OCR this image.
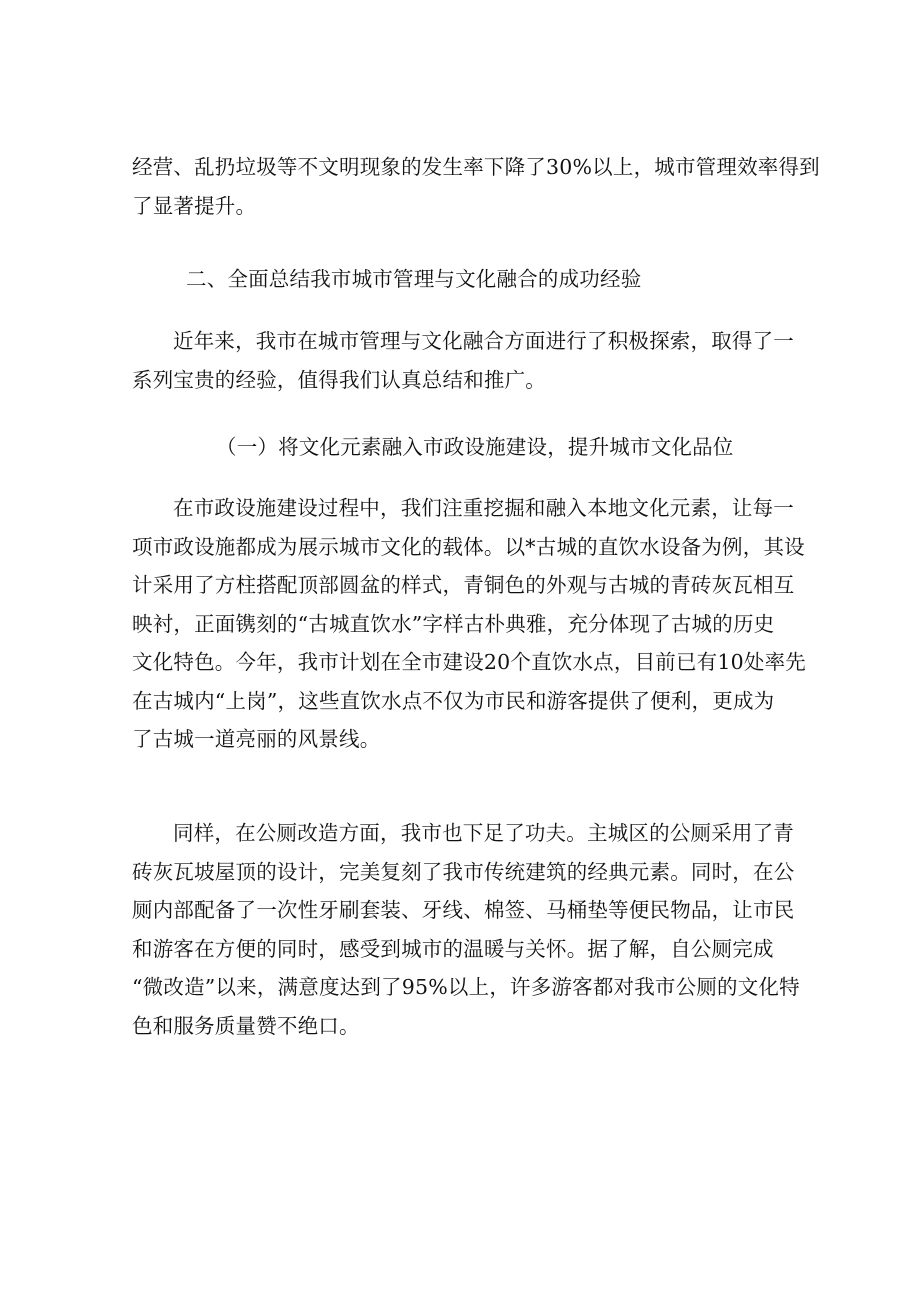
经营、乱扔垃圾等不文明现象的发生率下降了30%以上，城市管理效率得到
了显著提升。

二、全面总结我市城市管理与文化融合的成功经验

近年来，我市在城市管理与文化融合方面进行了积极探索，取得了一
系列宝贵的经验，值得我们认真总结和推广。

（一）将文化元素融入市政设施建设，提升城市文化品位

在市政设施建设过程中，我们注重挖掘和融入本地文化元素，让每一
项市政设施都成为展示城市文化的载体。以*古城的直饮水设备为例，其设
计采用了方柱搭配顶部圆盆的样式，青铜色的外观与古城的青砖灰瓦相互
映衬，正面镌刻的“古城直饮水”字样古朴典雅，充分体现了古城的历史
文化特色。今年，我市计划在全市建设20个直饮水点，目前已有10处率先
在古城内“上岗”，这些直饮水点不仅为市民和游客提供了便利，更成为
了古城一道亮丽的风景线。

同样，在公厕改造方面，我市也下足了功夫。主城区的公厕采用了青
砖灰瓦坡屋顶的设计，完美复刻了我市传统建筑的经典元素。同时，在公
厕内部配备了一次性牙刷套装、牙线、棉签、马桶垫等便民物品，让市民
和游客在方便的同时，感受到城市的温暖与关怀。据了解，自公厕完成
“微改造”以来，满意度达到了95%以上，许多游客都对我市公厕的文化特
色和服务质量赞不绝口。
